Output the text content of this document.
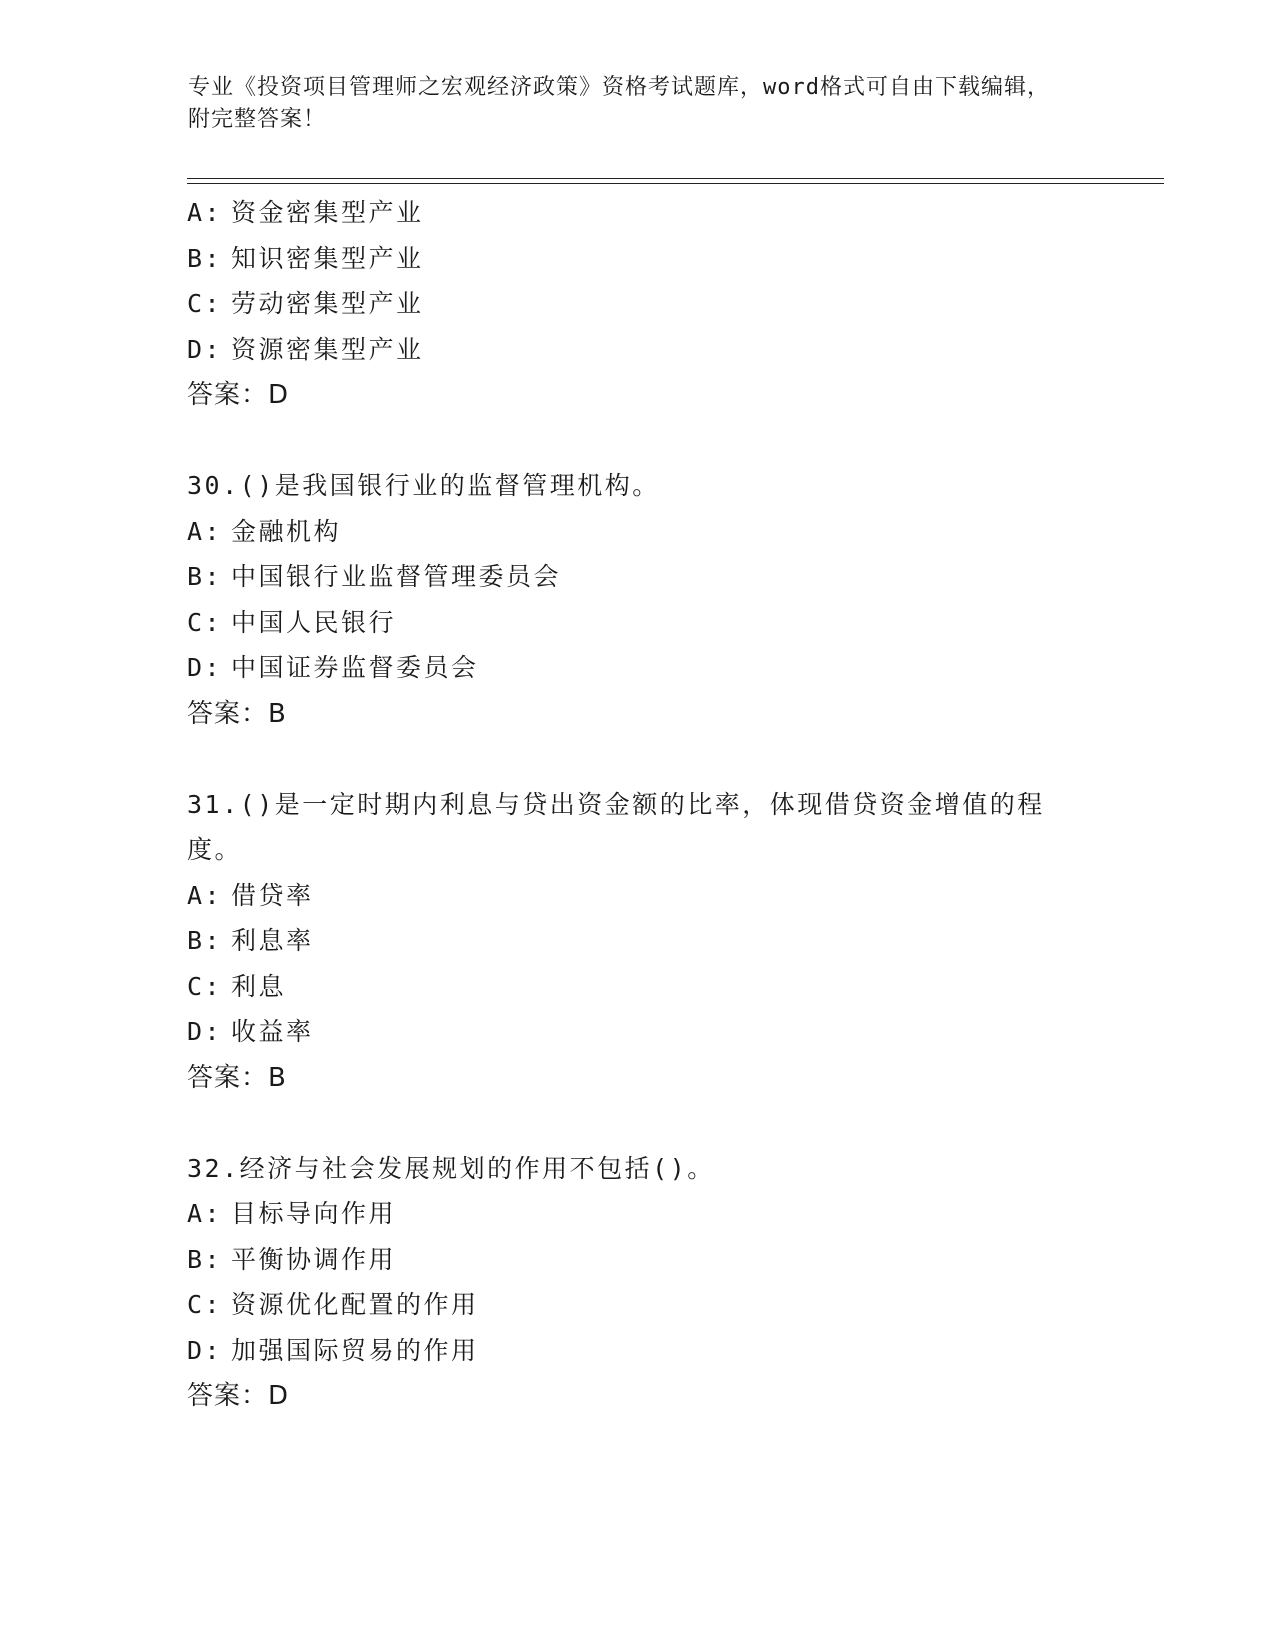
专业《投资项目管理师之宏观经济政策》资格考试题库，word格式可自由下载编辑，附完整答案！
A: 资金密集型产业
B: 知识密集型产业
C: 劳动密集型产业
D: 资源密集型产业
答案：D
30.()是我国银行业的监督管理机构。
A: 金融机构
B: 中国银行业监督管理委员会
C: 中国人民银行
D: 中国证券监督委员会
答案：B
31.()是一定时期内利息与贷出资金额的比率，体现借贷资金增值的程度。
A: 借贷率
B: 利息率
C: 利息
D: 收益率
答案：B
32.经济与社会发展规划的作用不包括()。
A: 目标导向作用
B: 平衡协调作用
C: 资源优化配置的作用
D: 加强国际贸易的作用
答案：D
